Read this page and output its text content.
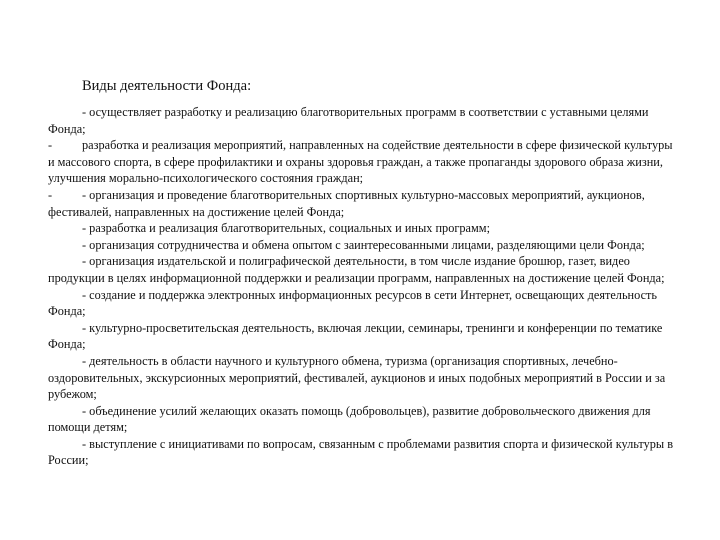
Виды деятельности Фонда:

- осуществляет разработку и реализацию благотворительных программ в соответствии с уставными целями Фонда;

- разработка и реализация мероприятий, направленных на содействие деятельности в сфере физической культуры и массового спорта, в сфере профилактики и охраны здоровья граждан, а также пропаганды здорового образа жизни, улучшения морально-психологического состояния граждан;

- - организация и проведение благотворительных спортивных культурно-массовых мероприятий, аукционов, фестивалей, направленных на достижение целей Фонда;

- разработка и реализация благотворительных, социальных и иных программ;

- организация сотрудничества и обмена опытом с заинтересованными лицами, разделяющими цели Фонда;

- организация издательской и полиграфической деятельности, в том числе издание брошюр, газет, видео продукции в целях информационной поддержки и реализации программ, направленных на достижение целей Фонда;

- создание и поддержка электронных информационных ресурсов в сети Интернет, освещающих деятельность Фонда;

- культурно-просветительская деятельность, включая лекции, семинары, тренинги и конференции по тематике Фонда;

- деятельность в области научного и культурного обмена, туризма (организация спортивных, лечебно-оздоровительных, экскурсионных мероприятий, фестивалей, аукционов и иных подобных мероприятий в России и за рубежом;

- объединение усилий желающих оказать помощь (добровольцев), развитие добровольческого движения для помощи детям;

- выступление с инициативами по вопросам, связанным с проблемами развития спорта и физической культуры в России;
